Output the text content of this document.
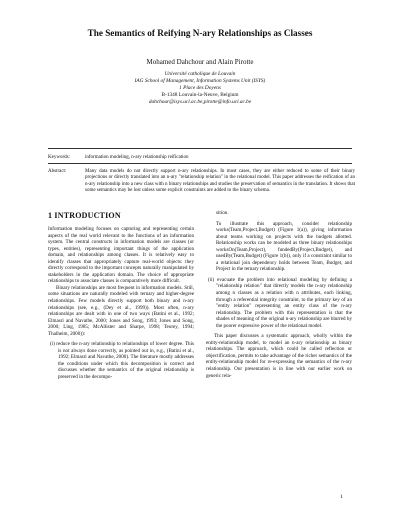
The Semantics of Reifying N-ary Relationships as Classes
Mohamed Dahchour and Alain Pirotte
Université catholique de Louvain
IAG School of Management, Information Systems Unit (ISYS)
1 Place des Doyens
B-1348 Louvain-la-Neuve, Belgium
dahchour@isys.ucl.ac.be,pirotte@info.ucl.ac.be
Keywords:	information modeling, n-ary relationship reification
Abstract:	Many data models do not directly support n-ary relationships. In most cases, they are either reduced to some of their binary projections or directly translated into an n-ary "relationship relation" in the relational model. This paper addresses the reification of an n-ary relationship into a new class with n binary relationships and studies the preservation of semantics in the translation. It shows that some semantics may be lost unless some explicit constraints are added to the binary schema.
1 INTRODUCTION

Information modeling focuses on capturing and representing certain aspects of the real world relevant to the functions of an information system. The central constructs in information models are classes (or types, entities), representing important things of the application domain, and relationships among classes. It is relatively easy to identify classes that appropriately capture real-world objects: they directly correspond to the important concepts naturally manipulated by stakeholders in the application domain. The choice of appropriate relationships to associate classes is comparatively more difficult.

Binary relationships are most frequent in information models. Still, some situations are naturally modeled with ternary and higher-degree relationships. Few models directly support both binary and n-ary relationships (see, e.g., (Dey et al., 1999)). Most often, n-ary relationships are dealt with in one of two ways (Batini et al., 1992; Elmasri and Navathe, 2000; Jones and Song, 1993; Jones and Song, 2000; Ling, 1985; McAllister and Sharpe, 1998; Teorey, 1994; Thalheim, 2000)):

(i) reduce the n-ary relationship to relationships of lower degree. This is not always done correctly, as pointed out in, e.g., (Batini et al., 1992; Elmasri and Navathe, 2000). The literature mostly addresses the conditions under which this decomposition is correct and discusses whether the semantics of the original relationship is preserved in the decompo-

sition.

To illustrate this approach, consider relationship works(Team,Project,Budget) (Figure 1(a)), giving information about teams working on projects with the budgets allotted. Relationship works can be modeled as three binary relationships worksOn(Team,Project), fundedBy(Project,Budget), and usedBy(Team,Budget) (Figure 1(b)), only if a constraint similar to a relational join dependency holds between Team, Budget, and Project in the ternary relationship.

(ii) evacuate the problem into relational modeling by defining a "relationship relation" that directly models the n-ary relationship among n classes as a relation with n attributes, each linking, through a referential integrity constraint, to the primary key of an "entity relation" representing an entity class of the n-ary relationship. The problem with this representation is that the shades of meaning of the original n-ary relationship are blurred by the poorer expressive power of the relational model.

This paper discusses a systematic approach, wholly within the entity-relationship model, to model an n-ary relationship as binary relationships. The approach, which could be called reflection or objectification, permits to take advantage of the richer semantics of the entity-relationship model for re-expressing the semantics of the n-ary relationship. Our presentation is in line with our earlier work on generic rela-

1
